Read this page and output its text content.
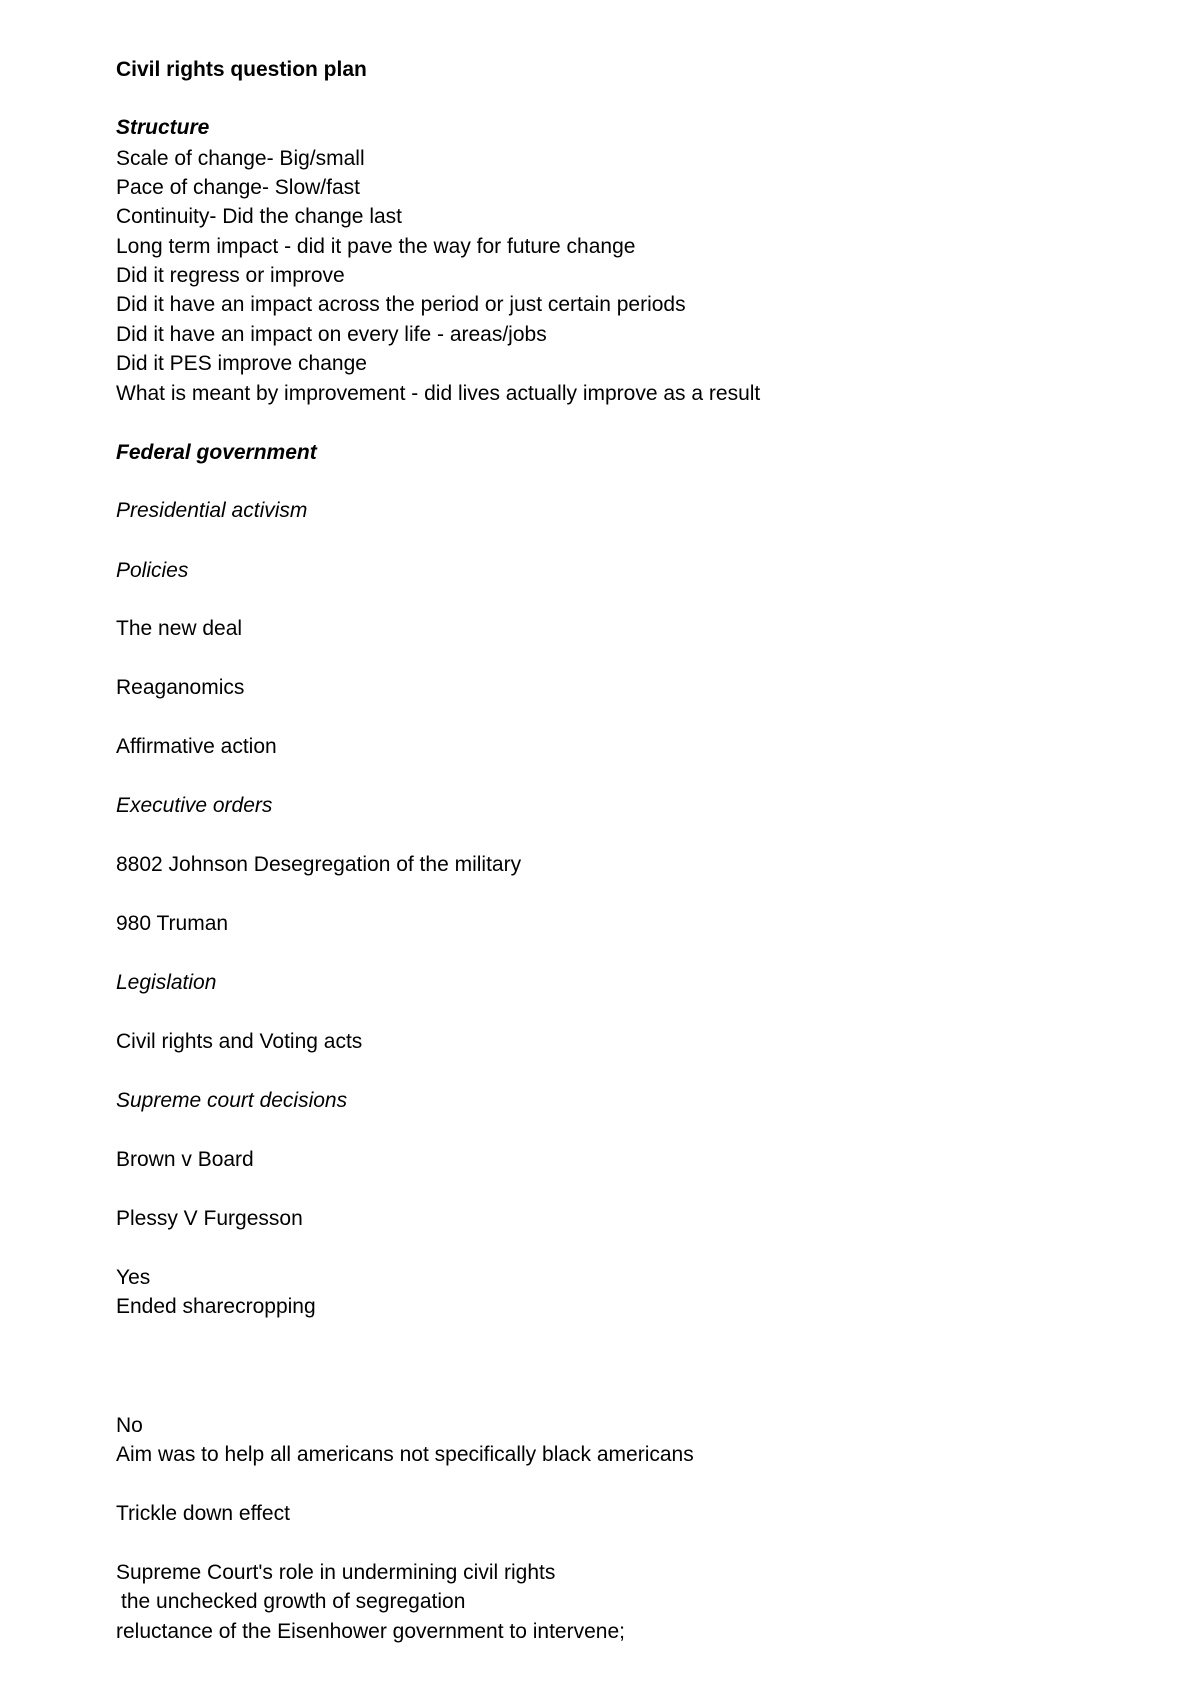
Civil rights question plan
Structure
Scale of change- Big/small
Pace of change- Slow/fast
Continuity- Did the change last
Long term impact - did it pave the way for future change
Did it regress or improve
Did it have an impact across the period or just certain periods
Did it have an impact on every life - areas/jobs
Did it PES improve change
What is meant by improvement - did lives actually improve as a result
Federal government
Presidential activism
Policies
The new deal
Reaganomics
Affirmative action
Executive orders
8802 Johnson Desegregation of the military
980 Truman
Legislation
Civil rights and Voting acts
Supreme court decisions
Brown v Board
Plessy V Furgesson
Yes
Ended sharecropping
No
Aim was to help all americans not specifically black americans
Trickle down effect
Supreme Court's role in undermining civil rights
the unchecked growth of segregation
reluctance of the Eisenhower government to intervene;
